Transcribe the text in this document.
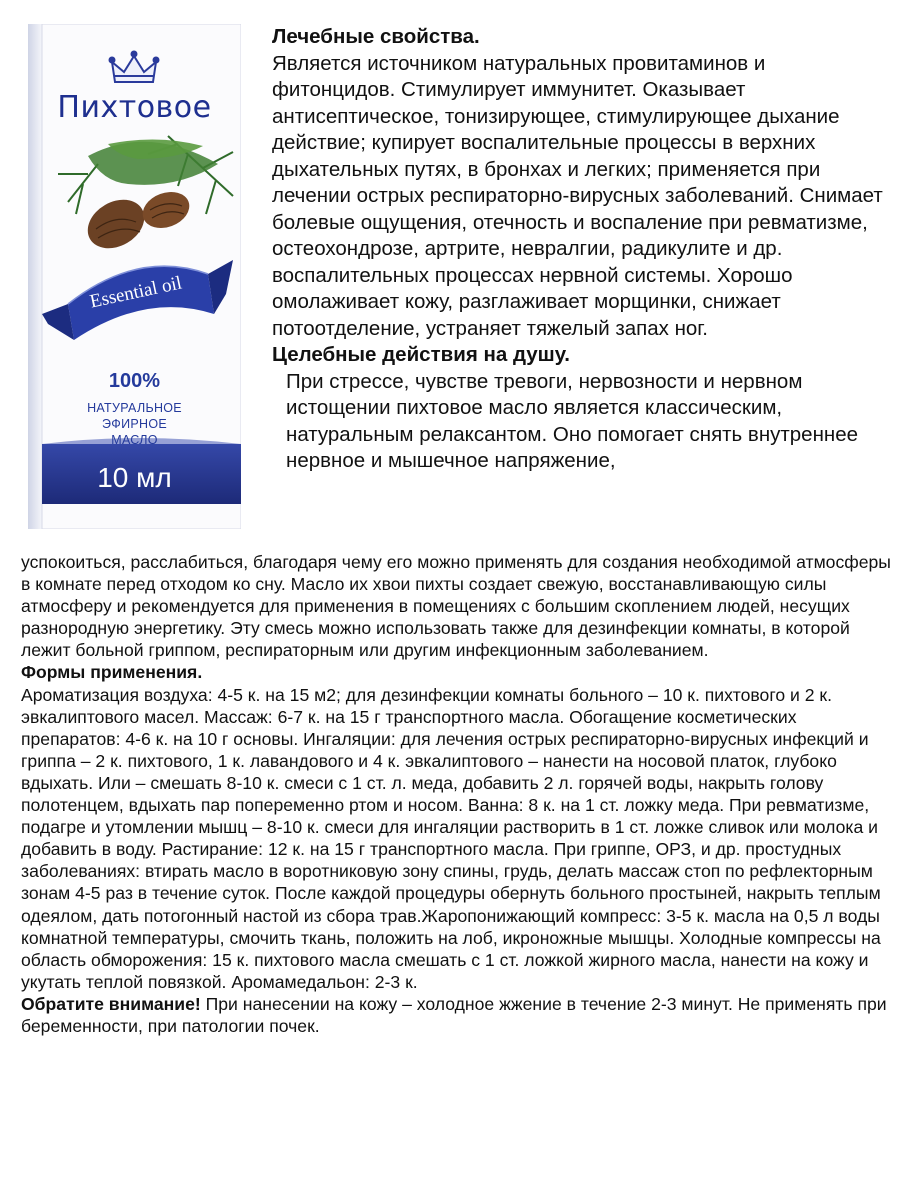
Пихтовое
Essential oil
100%
НАТУРАЛЬНОЕ
ЭФИРНОЕ
МАСЛО
10 мл

Лечебные свойства.

Является источником натуральных провитаминов и фитонцидов. Стимулирует иммунитет. Оказывает антисептическое, тонизирующее, стимулирующее дыхание действие; купирует воспалительные процессы в верхних дыхательных путях, в бронхах и легких; применяется при лечении острых респираторно-вирусных заболеваний. Снимает болевые ощущения, отечность и воспаление при ревматизме, остеохондрозе, артрите, невралгии, радикулите и др. воспалительных процессах нервной системы. Хорошо омолаживает кожу, разглаживает морщинки, снижает потоотделение, устраняет тяжелый запах ног.

Целебные действия на душу.

При стрессе, чувстве тревоги, нервозности и нервном истощении пихтовое масло является классическим, натуральным релаксантом. Оно помогает снять внутреннее нервное и мышечное напряжение,

успокоиться, расслабиться, благодаря чему его можно применять для создания необходимой атмосферы в комнате перед отходом ко сну. Масло их хвои пихты создает свежую, восстанавливающую силы атмосферу и рекомендуется для применения в помещениях с большим скоплением людей, несущих разнородную энергетику. Эту смесь можно использовать также для дезинфекции комнаты, в которой лежит больной гриппом, респираторным или другим инфекционным заболеванием.

Формы применения.

Ароматизация воздуха: 4-5 к. на 15 м2; для дезинфекции комнаты больного – 10 к. пихтового и 2 к. эвкалиптового масел. Массаж: 6-7 к. на 15 г транспортного масла. Обогащение косметических препаратов: 4-6 к. на 10 г основы. Ингаляции: для лечения острых респираторно-вирусных инфекций и гриппа – 2 к. пихтового, 1 к. лавандового и 4 к. эвкалиптового – нанести на носовой платок, глубоко вдыхать. Или – смешать 8-10 к. смеси с 1 ст. л. меда, добавить 2 л. горячей воды, накрыть голову полотенцем, вдыхать пар попеременно ртом и носом. Ванна: 8 к. на 1 ст. ложку меда. При ревматизме, подагре и утомлении мышц – 8-10 к. смеси для ингаляции растворить в 1 ст. ложке сливок или молока и добавить в воду. Растирание: 12 к. на 15 г транспортного масла. При гриппе, ОРЗ, и др. простудных заболеваниях: втирать масло в воротниковую зону спины, грудь, делать массаж стоп по рефлекторным зонам 4-5 раз в течение суток. После каждой процедуры обернуть больного простыней, накрыть теплым одеялом, дать потогонный настой из сбора трав.Жаропонижающий компресс: 3-5 к. масла на 0,5 л воды комнатной температуры, смочить ткань, положить на лоб, икроножные мышцы. Холодные компрессы на область обморожения: 15 к. пихтового масла смешать с 1 ст. ложкой жирного масла, нанести на кожу и укутать теплой повязкой. Аромамедальон: 2-3 к.

Обратите внимание! При нанесении на кожу – холодное жжение в течение 2-3 минут. Не применять при беременности, при патологии почек.
